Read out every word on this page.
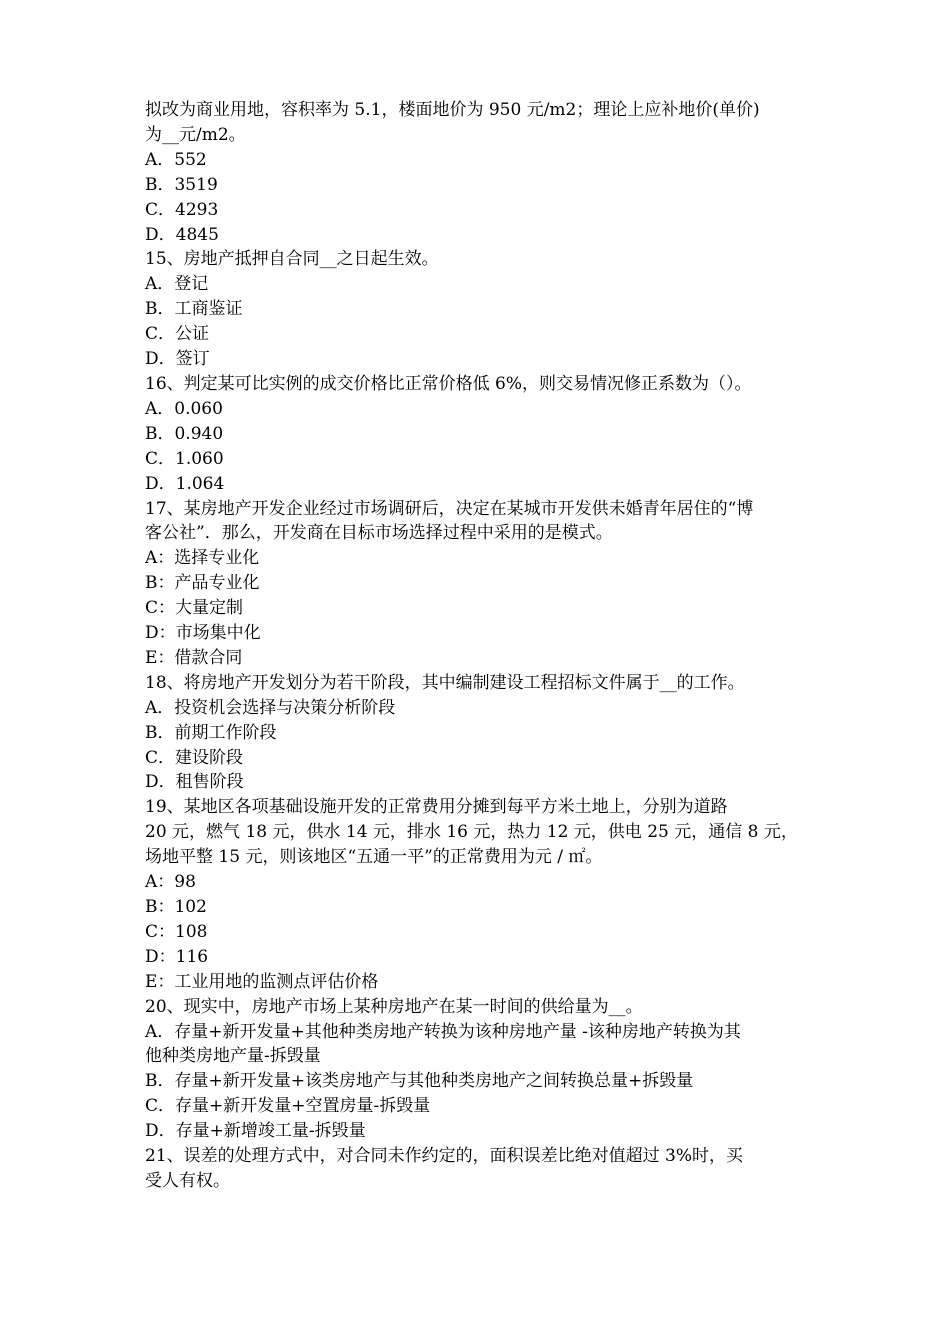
拟改为商业用地，容积率为 5.1，楼面地价为 950 元/m2；理论上应补地价(单价)
为__元/m2。
A．552
B．3519
C．4293
D．4845
15、房地产抵押自合同__之日起生效。
A．登记
B．工商鉴证
C．公证
D．签订
16、判定某可比实例的成交价格比正常价格低 6%，则交易情况修正系数为（）。
A．0.060
B．0.940
C．1.060
D．1.064
17、某房地产开发企业经过市场调研后，决定在某城市开发供未婚青年居住的“博
客公社”．那么，开发商在目标市场选择过程中采用的是模式。
A：选择专业化
B：产品专业化
C：大量定制
D：市场集中化
E：借款合同
18、将房地产开发划分为若干阶段，其中编制建设工程招标文件属于__的工作。
A．投资机会选择与决策分析阶段
B．前期工作阶段
C．建设阶段
D．租售阶段
19、某地区各项基础设施开发的正常费用分摊到每平方米土地上，分别为道路
20 元，燃气 18 元，供水 14 元，排水 16 元，热力 12 元，供电 25 元，通信 8 元，
场地平整 15 元，则该地区“五通一平”的正常费用为元 / ㎡。
A：98
B：102
C：108
D：116
E：工业用地的监测点评估价格
20、现实中，房地产市场上某种房地产在某一时间的供给量为__。
A．存量+新开发量+其他种类房地产转换为该种房地产量 -该种房地产转换为其
他种类房地产量-拆毁量
B．存量+新开发量+该类房地产与其他种类房地产之间转换总量+拆毁量
C．存量+新开发量+空置房量-拆毁量
D．存量+新增竣工量-拆毁量
21、误差的处理方式中，对合同未作约定的，面积误差比绝对值超过 3%时，买
受人有权。
